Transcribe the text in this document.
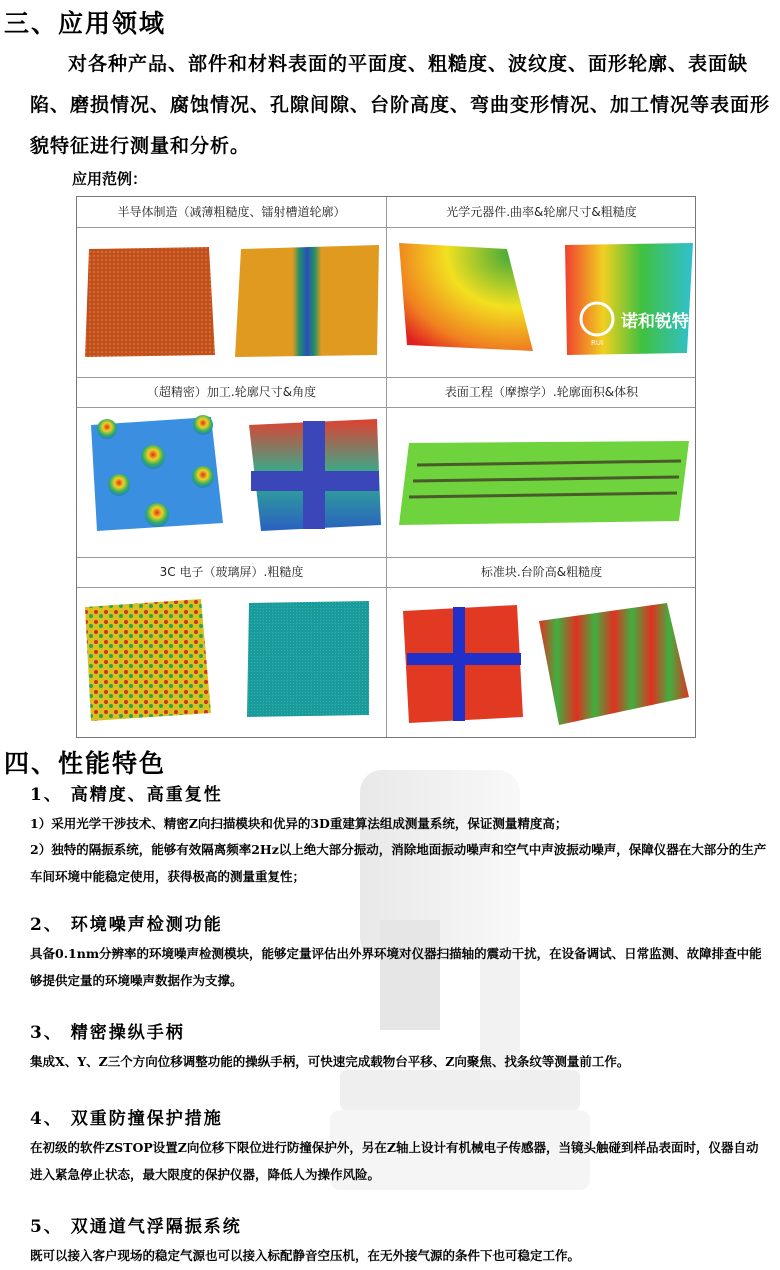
三、应用领域

对各种产品、部件和材料表面的平面度、粗糙度、波纹度、面形轮廓、表面缺陷、磨损情况、腐蚀情况、孔隙间隙、台阶高度、弯曲变形情况、加工情况等表面形貌特征进行测量和分析。

应用范例：

半导体制造（减薄粗糙度、镭射槽道轮廓）	光学元器件.曲率&轮廓尺寸&粗糙度
（超精密）加工.轮廓尺寸&角度	表面工程（摩擦学）.轮廓面积&体积
3C 电子（玻璃屏）.粗糙度	标准块.台阶高&粗糙度
诺和锐特
RUI
四、性能特色

1、 高精度、高重复性

1）采用光学干涉技术、精密Z向扫描模块和优异的3D重建算法组成测量系统，保证测量精度高；

2）独特的隔振系统，能够有效隔离频率2Hz以上绝大部分振动，消除地面振动噪声和空气中声波振动噪声，保障仪器在大部分的生产车间环境中能稳定使用，获得极高的测量重复性；

2、 环境噪声检测功能

具备0.1nm分辨率的环境噪声检测模块，能够定量评估出外界环境对仪器扫描轴的震动干扰，在设备调试、日常监测、故障排查中能够提供定量的环境噪声数据作为支撑。

3、 精密操纵手柄

集成X、Y、Z三个方向位移调整功能的操纵手柄，可快速完成载物台平移、Z向聚焦、找条纹等测量前工作。

4、 双重防撞保护措施

在初级的软件ZSTOP设置Z向位移下限位进行防撞保护外，另在Z轴上设计有机械电子传感器，当镜头触碰到样品表面时，仪器自动进入紧急停止状态，最大限度的保护仪器，降低人为操作风险。

5、 双通道气浮隔振系统

既可以接入客户现场的稳定气源也可以接入标配静音空压机，在无外接气源的条件下也可稳定工作。
